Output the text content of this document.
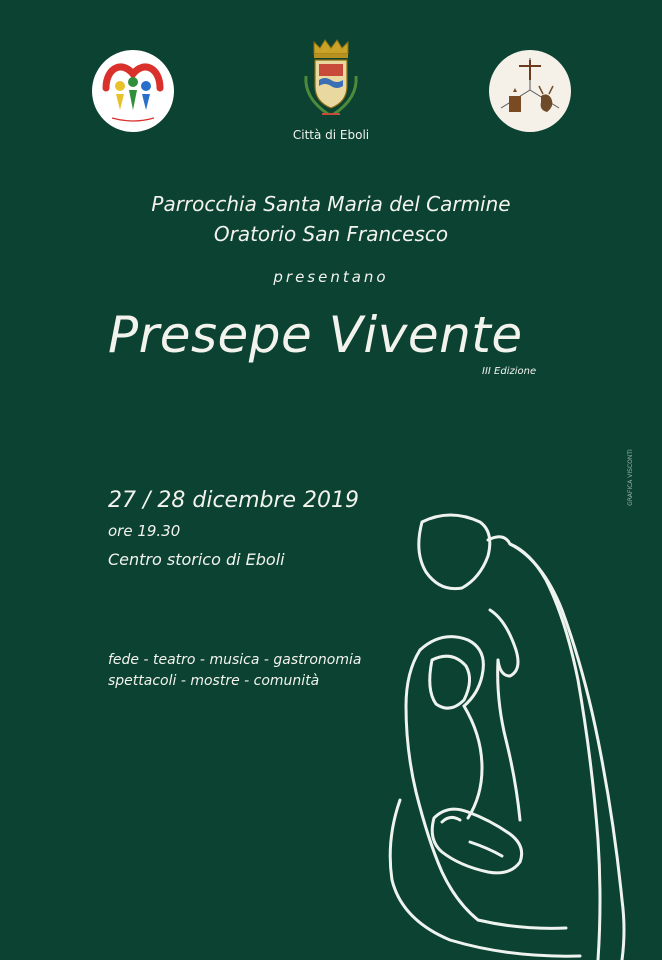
Città di Eboli
Parrocchia Santa Maria del Carmine
Oratorio San Francesco
presentano
Presepe Vivente
III Edizione
27 / 28 dicembre 2019
ore 19.30
Centro storico di Eboli
fede - teatro - musica - gastronomia
spettacoli - mostre - comunità
GRAFICA VISCONTI
